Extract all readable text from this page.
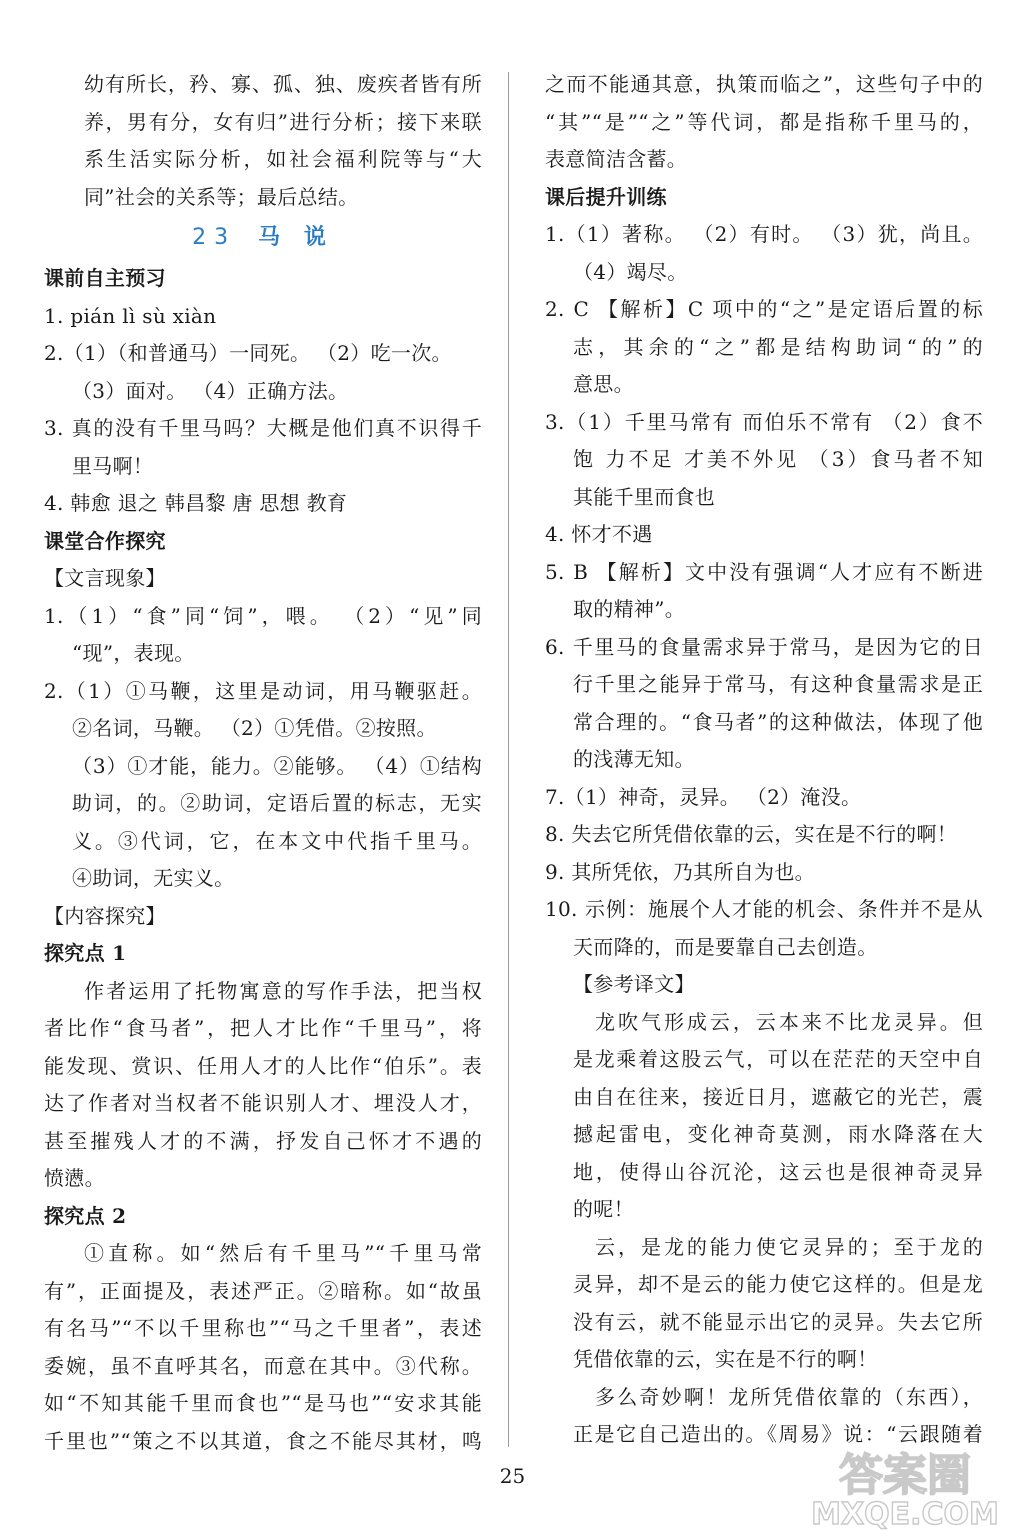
幼有所长，矜、寡、孤、独、废疾者皆有所
养，男有分，女有归”进行分析；接下来联
系生活实际分析，如社会福利院等与“大
同”社会的关系等；最后总结。
23 马 说
课前自主预习
1. pián lì sù xiàn
2.（1）（和普通马）一同死。 （2）吃一次。
（3）面对。 （4）正确方法。
3. 真的没有千里马吗？大概是他们真不识得千
里马啊！
4. 韩愈 退之 韩昌黎 唐 思想 教育
课堂合作探究
【文言现象】
1.（1）“食”同“饲”，喂。 （2）“见”同
“现”，表现。
2.（1）①马鞭，这里是动词，用马鞭驱赶。
②名词，马鞭。 （2）①凭借。②按照。
（3）①才能，能力。②能够。 （4）①结构
助词，的。②助词，定语后置的标志，无实
义。③代词，它，在本文中代指千里马。
④助词，无实义。
【内容探究】
探究点 1
作者运用了托物寓意的写作手法，把当权
者比作“食马者”，把人才比作“千里马”，将
能发现、赏识、任用人才的人比作“伯乐”。表
达了作者对当权者不能识别人才、埋没人才，
甚至摧残人才的不满，抒发自己怀才不遇的
愤懑。
探究点 2
①直称。如“然后有千里马”“千里马常
有”，正面提及，表述严正。②暗称。如“故虽
有名马”“不以千里称也”“马之千里者”，表述
委婉，虽不直呼其名，而意在其中。③代称。
如“不知其能千里而食也”“是马也”“安求其能
千里也”“策之不以其道，食之不能尽其材，鸣
之而不能通其意，执策而临之”，这些句子中的
“其”“是”“之”等代词，都是指称千里马的，
表意简洁含蓄。
课后提升训练
1.（1）著称。 （2）有时。 （3）犹，尚且。
（4）竭尽。
2. C 【解析】C 项中的“之”是定语后置的标
志，其余的“之”都是结构助词“的”的
意思。
3.（1）千里马常有 而伯乐不常有 （2）食不
饱 力不足 才美不外见 （3）食马者不知
其能千里而食也
4. 怀才不遇
5. B 【解析】文中没有强调“人才应有不断进
取的精神”。
6. 千里马的食量需求异于常马，是因为它的日
行千里之能异于常马，有这种食量需求是正
常合理的。“食马者”的这种做法，体现了他
的浅薄无知。
7.（1）神奇，灵异。 （2）淹没。
8. 失去它所凭借依靠的云，实在是不行的啊！
9. 其所凭依，乃其所自为也。
10. 示例：施展个人才能的机会、条件并不是从
天而降的，而是要靠自己去创造。
【参考译文】
龙吹气形成云，云本来不比龙灵异。但
是龙乘着这股云气，可以在茫茫的天空中自
由自在往来，接近日月，遮蔽它的光芒，震
撼起雷电，变化神奇莫测，雨水降落在大
地，使得山谷沉沦，这云也是很神奇灵异
的呢！
云，是龙的能力使它灵异的；至于龙的
灵异，却不是云的能力使它这样的。但是龙
没有云，就不能显示出它的灵异。失去它所
凭借依靠的云，实在是不行的啊！
多么奇妙啊！龙所凭借依靠的（东西），
正是它自己造出的。《周易》说：“云跟随着
25	答案圈
MXQE.COM
